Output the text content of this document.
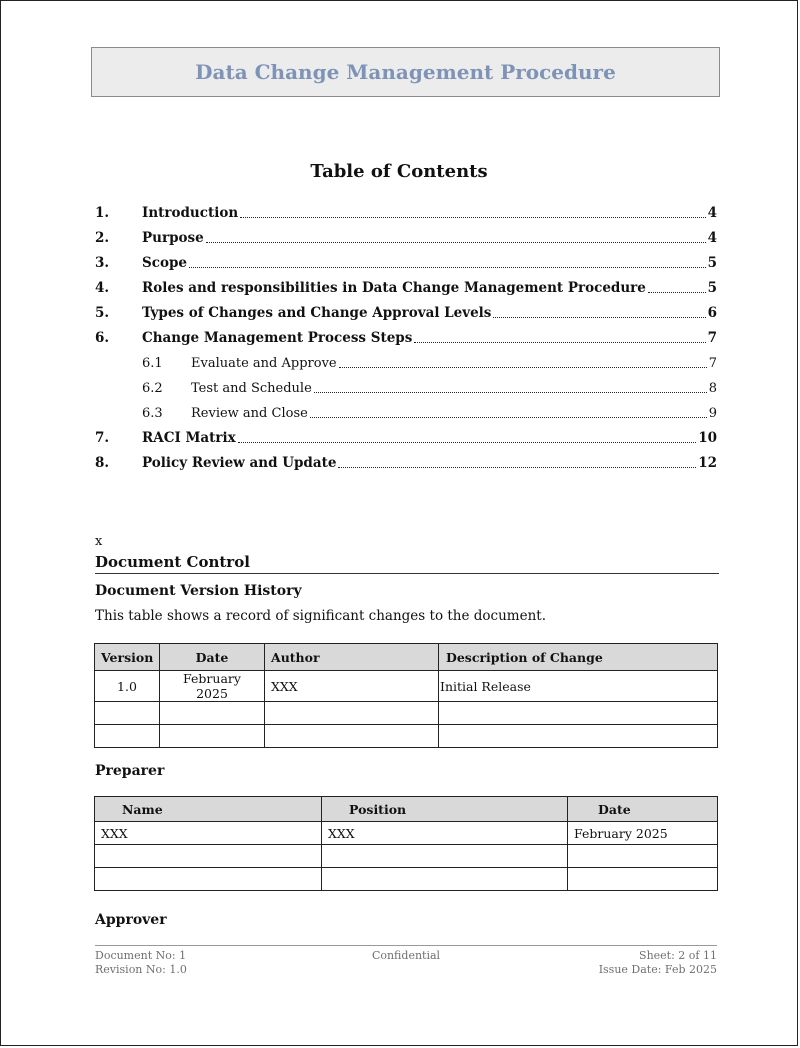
Data Change Management Procedure
Table of Contents
1. Introduction	4
2. Purpose	4
3. Scope	5
4. Roles and responsibilities in Data Change Management Procedure	5
5. Types of Changes and Change Approval Levels	6
6. Change Management Process Steps	7
6.1 Evaluate and Approve	7
6.2 Test and Schedule	8
6.3 Review and Close	9
7. RACI Matrix	10
8. Policy Review and Update	12
x
Document Control
Document Version History
This table shows a record of significant changes to the document.
Version	Date	Author	Description of Change
1.0	February 2025	XXX	Initial Release

Preparer
Name	Position	Date
XXX	XXX	February 2025

Approver
Document No: 1	Confidential	Sheet: 2 of 11
Revision No: 1.0	Issue Date: Feb 2025
